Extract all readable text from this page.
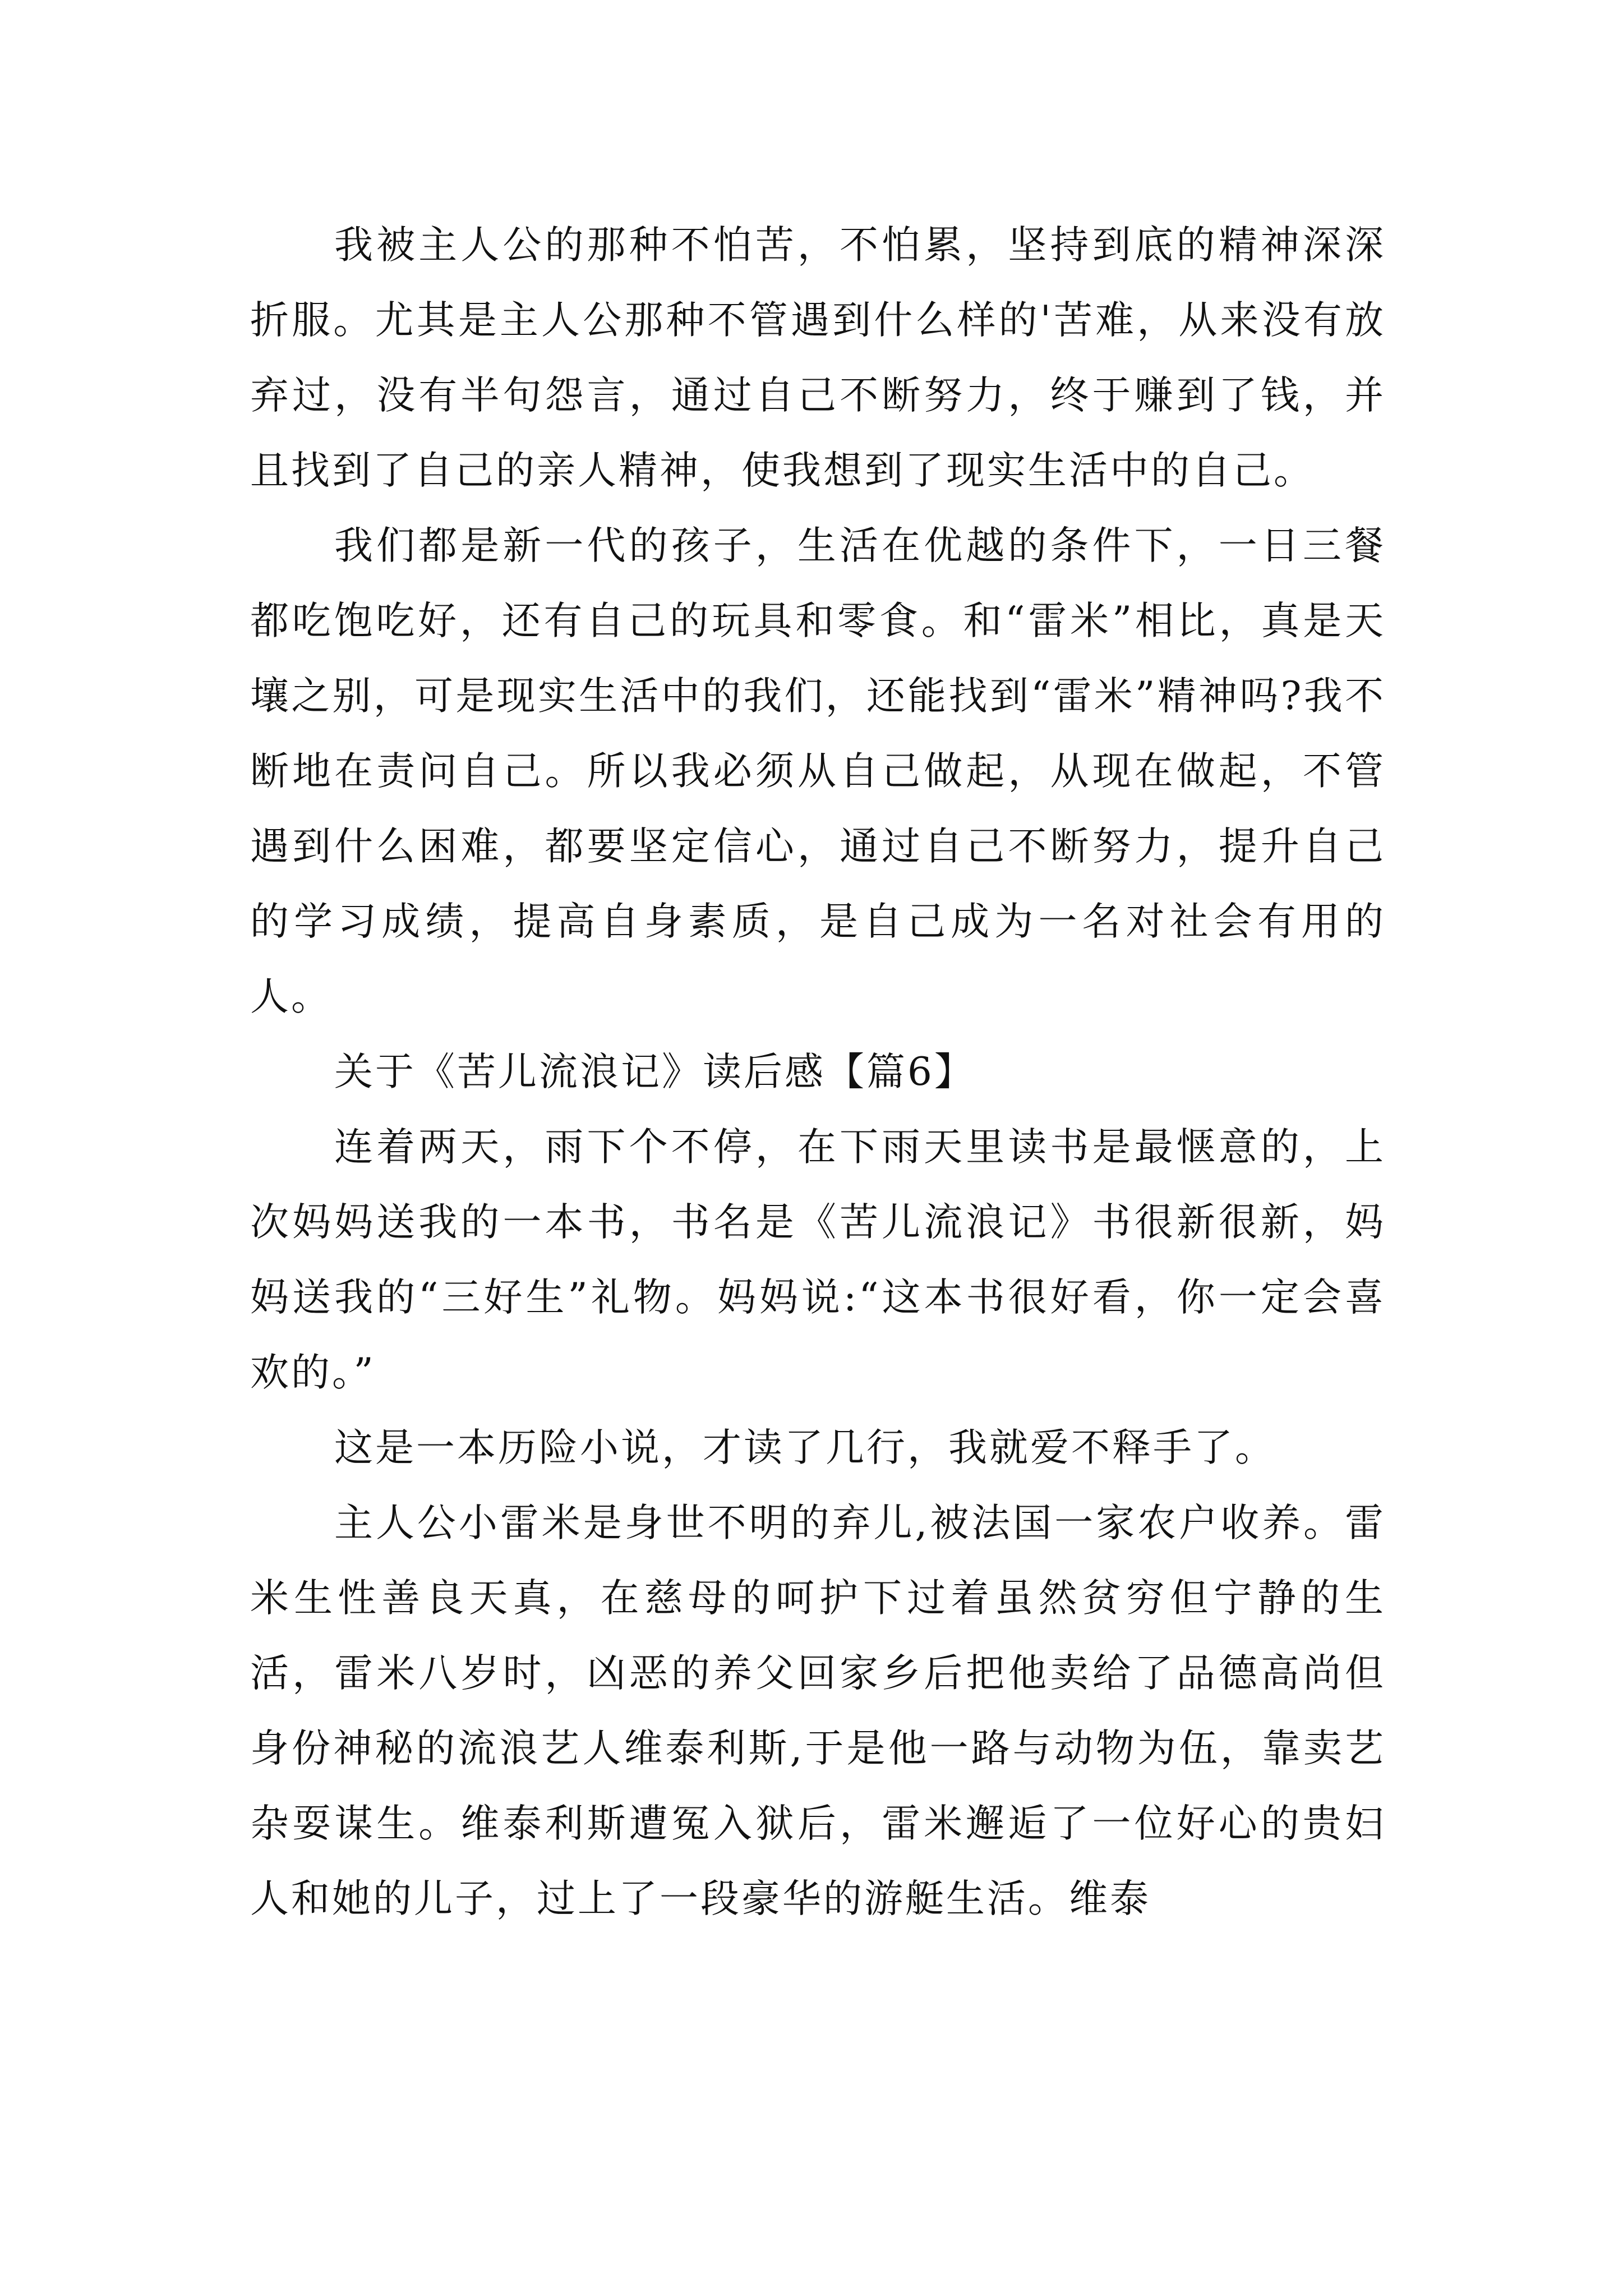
我被主人公的那种不怕苦，不怕累，坚持到底的精神深深折服。尤其是主人公那种不管遇到什么样的'苦难，从来没有放弃过，没有半句怨言，通过自己不断努力，终于赚到了钱，并且找到了自己的亲人精神，使我想到了现实生活中的自己。

我们都是新一代的孩子，生活在优越的条件下，一日三餐都吃饱吃好，还有自己的玩具和零食。和“雷米”相比，真是天壤之别，可是现实生活中的我们，还能找到“雷米”精神吗?我不断地在责问自己。所以我必须从自己做起，从现在做起，不管遇到什么困难，都要坚定信心，通过自己不断努力，提升自己的学习成绩，提高自身素质，是自己成为一名对社会有用的人。

关于《苦儿流浪记》读后感【篇6】

连着两天，雨下个不停，在下雨天里读书是最惬意的，上次妈妈送我的一本书，书名是《苦儿流浪记》书很新很新，妈妈送我的“三好生”礼物。妈妈说:“这本书很好看，你一定会喜欢的。”

这是一本历险小说，才读了几行，我就爱不释手了。

主人公小雷米是身世不明的弃儿,被法国一家农户收养。雷米生性善良天真，在慈母的呵护下过着虽然贫穷但宁静的生活，雷米八岁时，凶恶的养父回家乡后把他卖给了品德高尚但身份神秘的流浪艺人维泰利斯,于是他一路与动物为伍，靠卖艺杂耍谋生。维泰利斯遭冤入狱后，雷米邂逅了一位好心的贵妇人和她的儿子，过上了一段豪华的游艇生活。维泰
